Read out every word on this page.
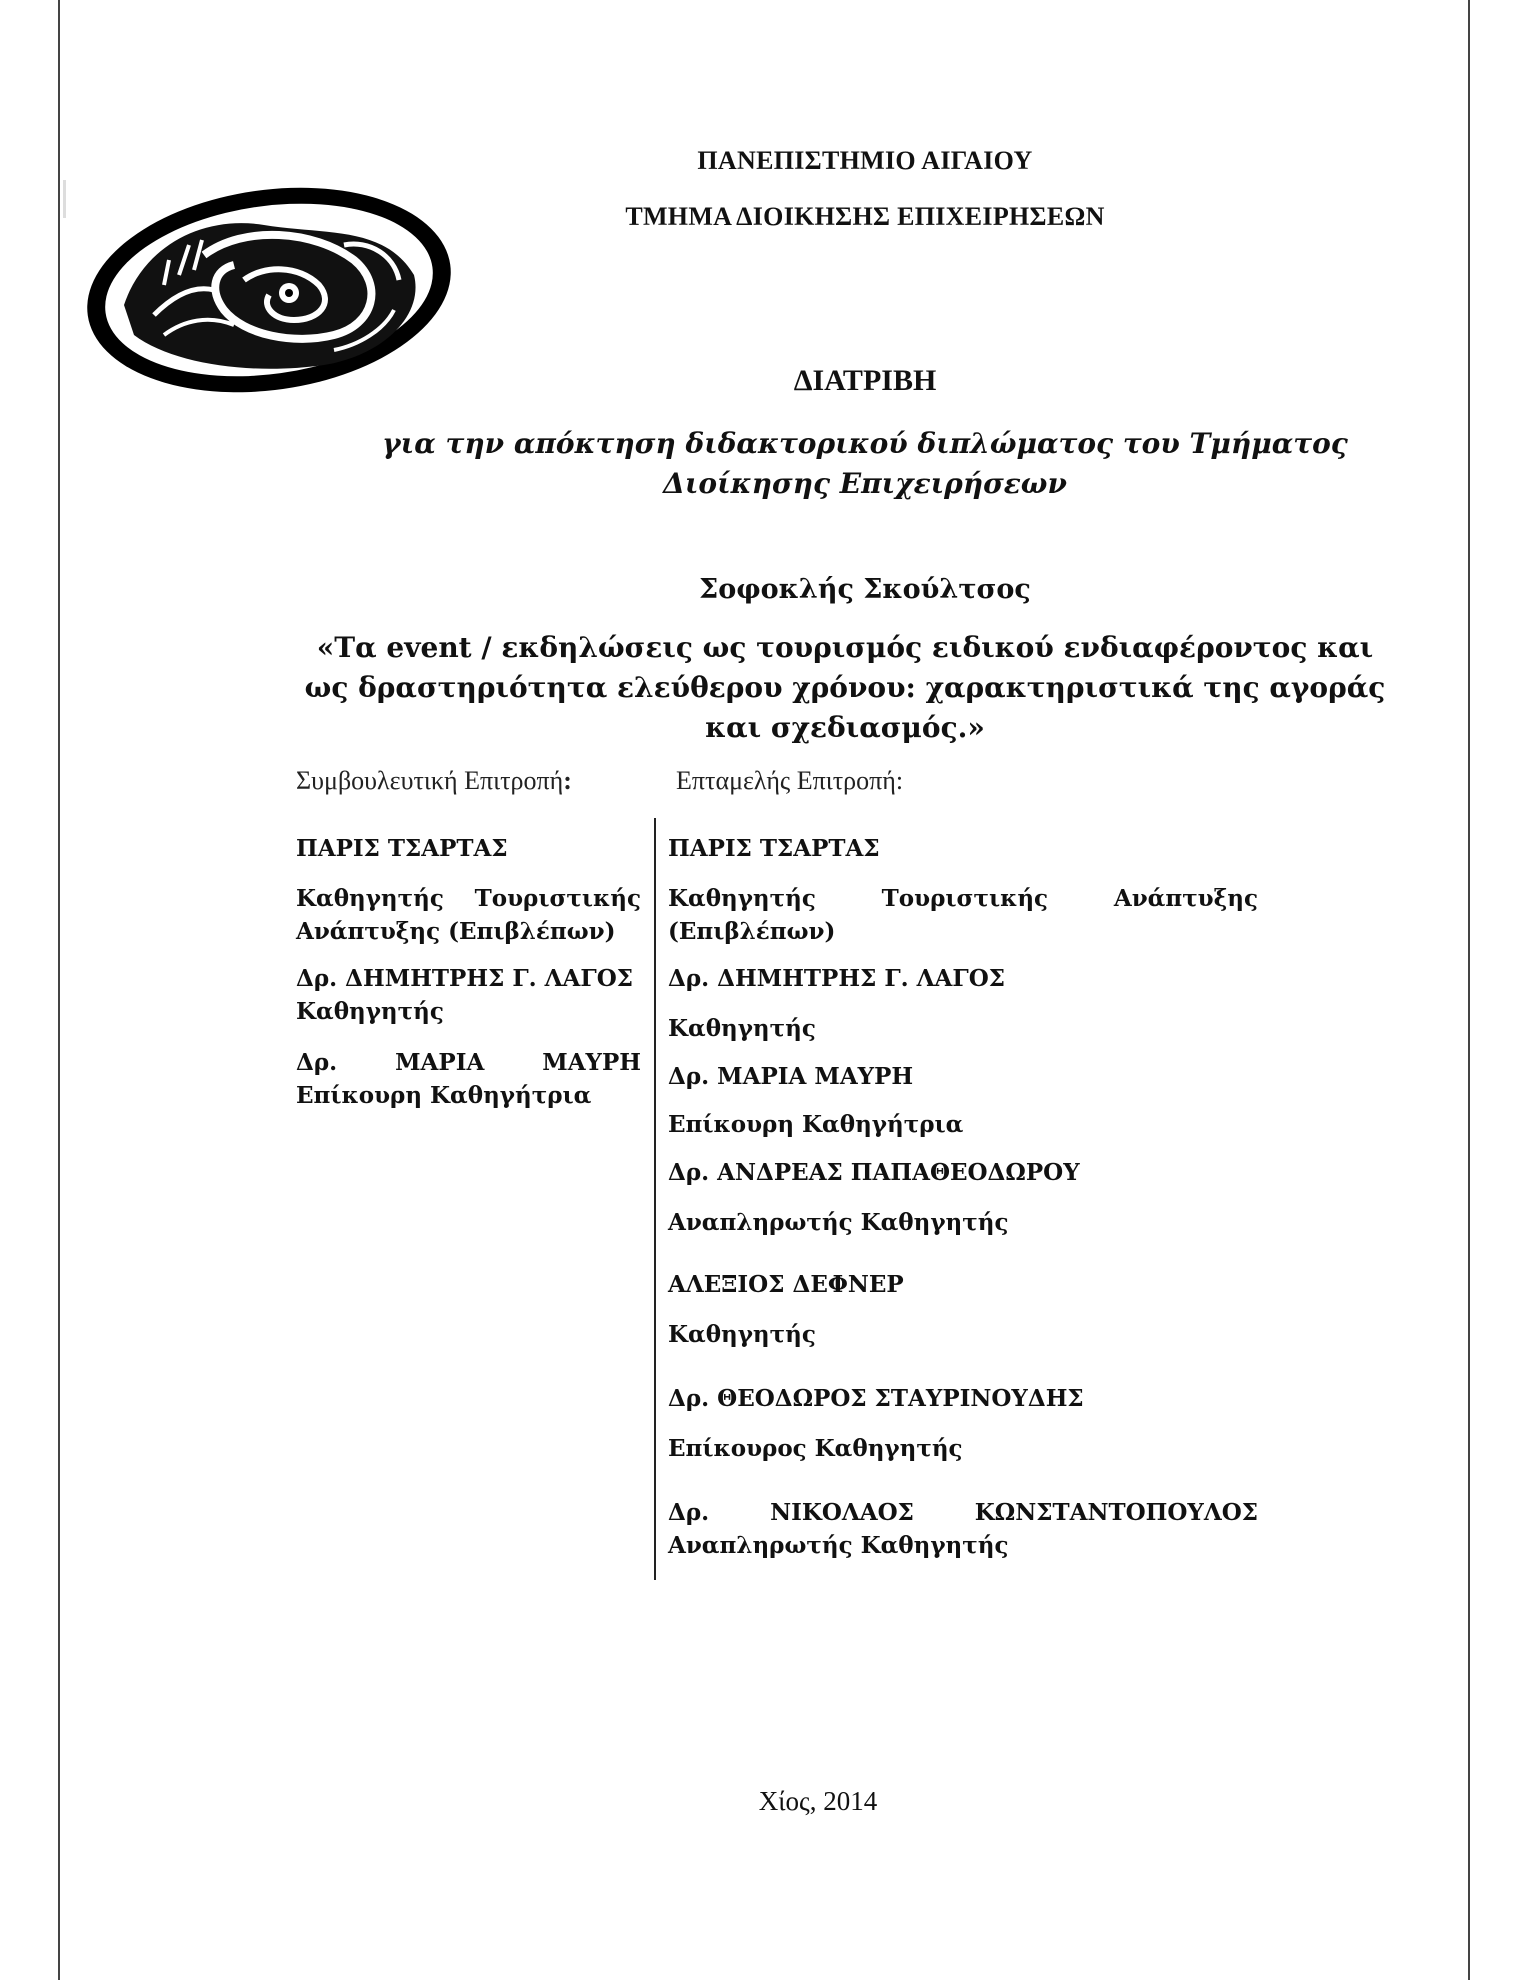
ΠΑΝΕΠΙΣΤΗΜΙΟ ΑΙΓΑΙΟΥ
ΤΜΗΜΑ ΔΙΟΙΚΗΣΗΣ ΕΠΙΧΕΙΡΗΣΕΩΝ
ΔΙΑΤΡΙΒΗ
για την απόκτηση διδακτορικού διπλώματος του Τμήματος
Διοίκησης Επιχειρήσεων
Σοφοκλής Σκούλτσος
«Τα event / εκδηλώσεις ως τουρισμός ειδικού ενδιαφέροντος και
ως δραστηριότητα ελεύθερου χρόνου: χαρακτηριστικά της αγοράς
και σχεδιασμός.»
Συμβουλευτική Επιτροπή:	Επταμελής Επιτροπή:
ΠΑΡΙΣ ΤΣΑΡΤΑΣ
Καθηγητής Τουριστικής
Ανάπτυξης (Επιβλέπων)
Δρ. ΔΗΜΗΤΡΗΣ Γ. ΛΑΓΟΣ
Καθηγητής
Δρ. ΜΑΡΙΑ ΜΑΥΡΗ
Επίκουρη Καθηγήτρια
ΠΑΡΙΣ ΤΣΑΡΤΑΣ
Καθηγητής Τουριστικής Ανάπτυξης
(Επιβλέπων)
Δρ. ΔΗΜΗΤΡΗΣ Γ. ΛΑΓΟΣ
Καθηγητής
Δρ. ΜΑΡΙΑ ΜΑΥΡΗ
Επίκουρη Καθηγήτρια
Δρ. ΑΝΔΡΕΑΣ ΠΑΠΑΘΕΟΔΩΡΟΥ
Αναπληρωτής Καθηγητής
ΑΛΕΞΙΟΣ ΔΕΦΝΕΡ
Καθηγητής
Δρ. ΘΕΟΔΩΡΟΣ ΣΤΑΥΡΙΝΟΥΔΗΣ
Επίκουρος Καθηγητής
Δρ. ΝΙΚΟΛΑΟΣ ΚΩΝΣΤΑΝΤΟΠΟΥΛΟΣ
Αναπληρωτής Καθηγητής
Χίος, 2014
